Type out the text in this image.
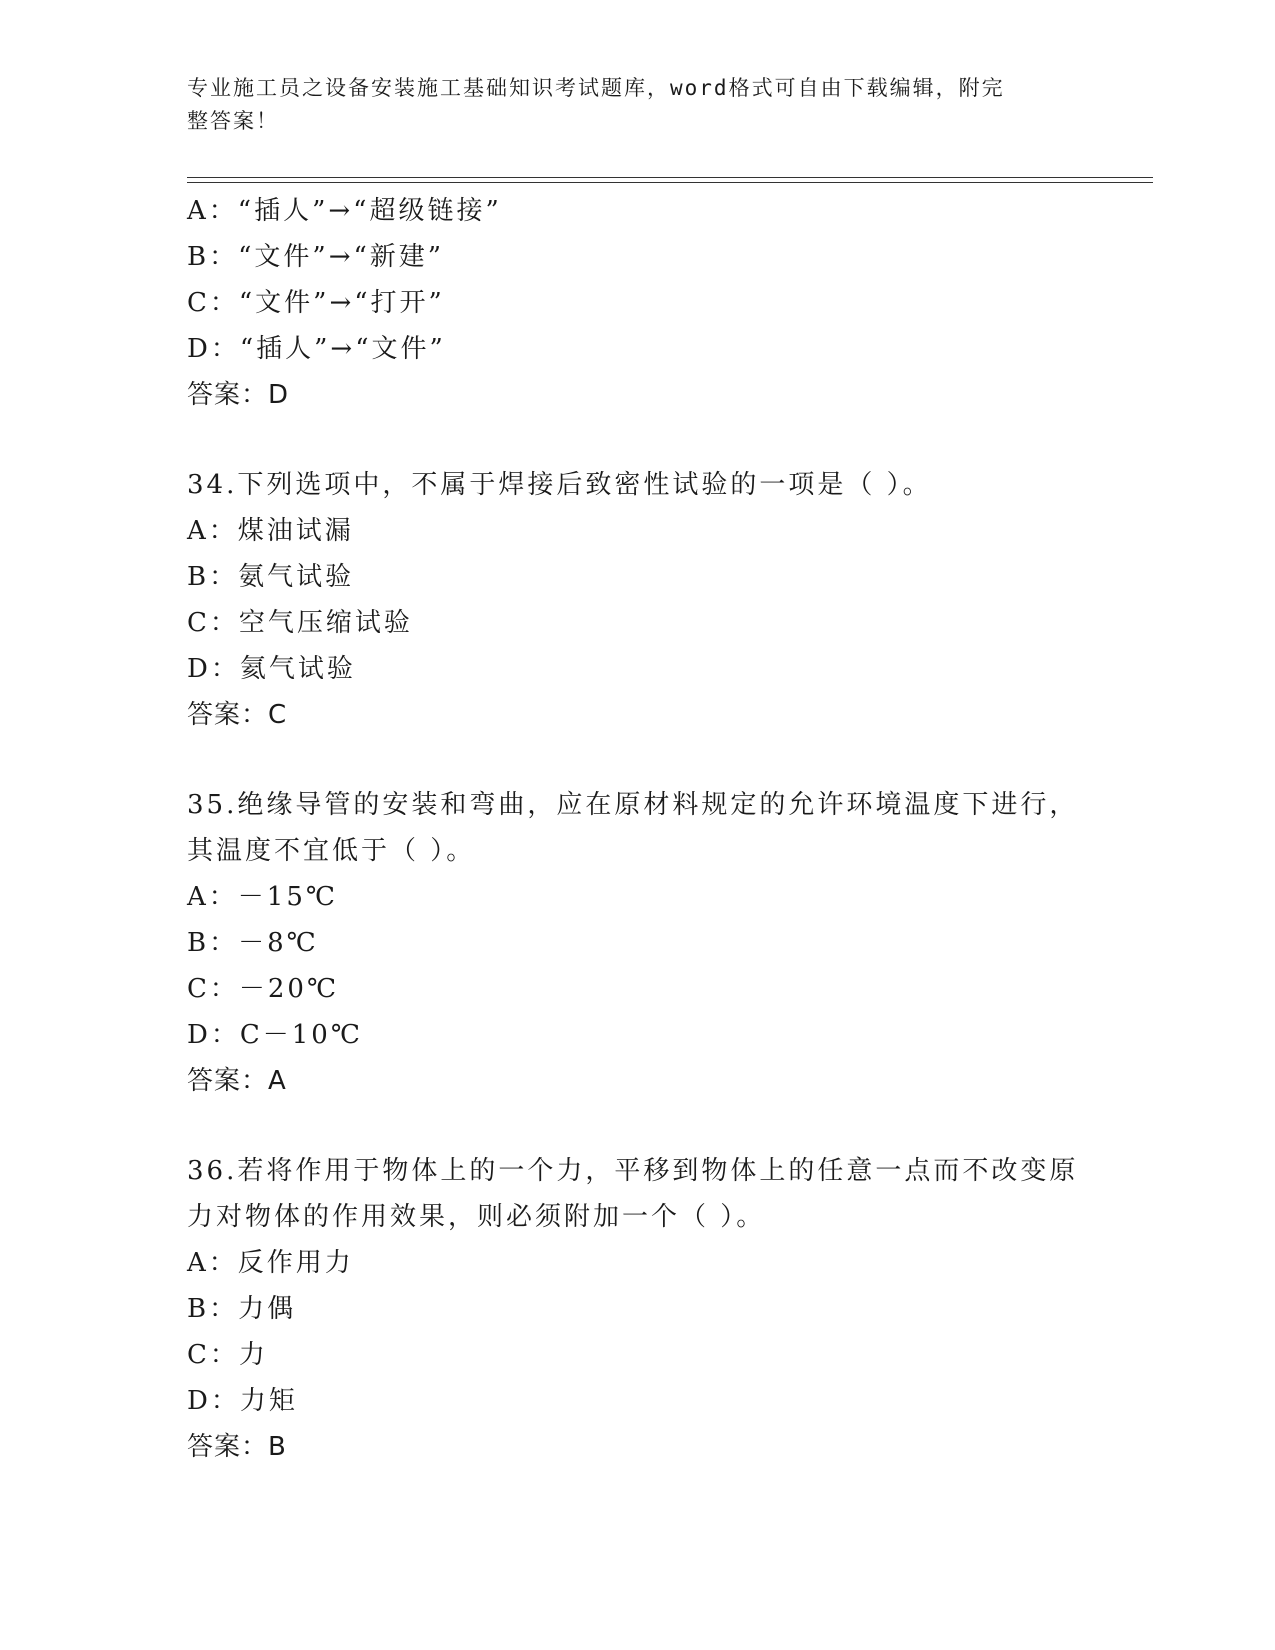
专业施工员之设备安装施工基础知识考试题库，word格式可自由下载编辑，附完
整答案！
A：“插人”→“超级链接”
B：“文件”→“新建”
C：“文件”→“打开”
D：“插人”→“文件”
答案：D
34.下列选项中，不属于焊接后致密性试验的一项是（ ）。
A：煤油试漏
B：氨气试验
C：空气压缩试验
D：氦气试验
答案：C
35.绝缘导管的安装和弯曲，应在原材料规定的允许环境温度下进行，
其温度不宜低于（ ）。
A：－15℃
B：－8℃
C：－20℃
D：C－10℃
答案：A
36.若将作用于物体上的一个力，平移到物体上的任意一点而不改变原
力对物体的作用效果，则必须附加一个（ ）。
A：反作用力
B：力偶
C：力
D：力矩
答案：B
